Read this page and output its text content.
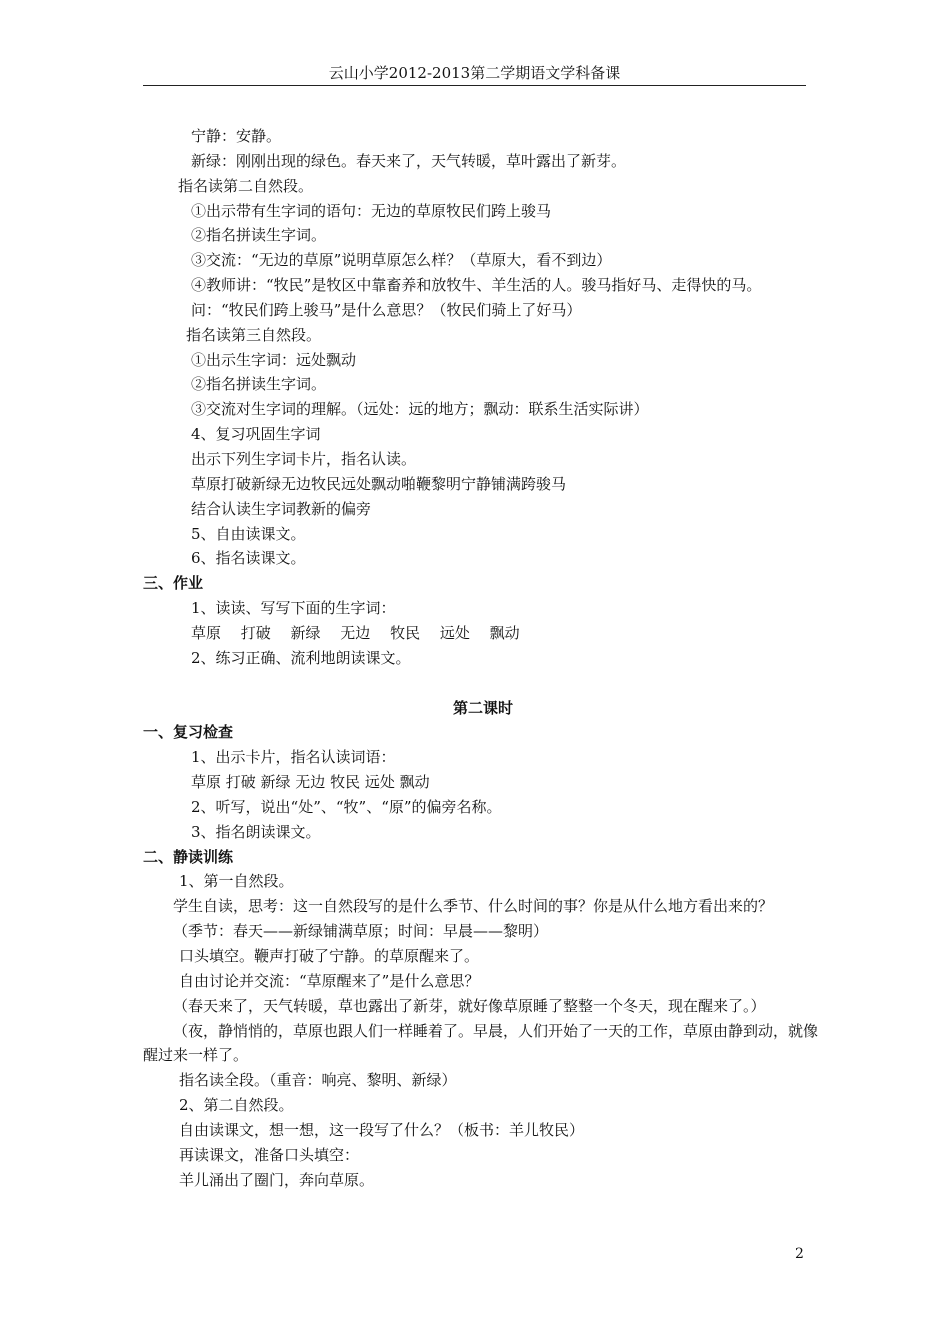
云山小学2012-2013第二学期语文学科备课
宁静：安静。
新绿：刚刚出现的绿色。春天来了，天气转暖，草叶露出了新芽。
指名读第二自然段。
①出示带有生字词的语句：无边的草原牧民们跨上骏马
②指名拼读生字词。
③交流：“无边的草原”说明草原怎么样？（草原大，看不到边）
④教师讲：“牧民”是牧区中靠畜养和放牧牛、羊生活的人。骏马指好马、走得快的马。
问：“牧民们跨上骏马”是什么意思？（牧民们骑上了好马）
指名读第三自然段。
①出示生字词：远处飘动
②指名拼读生字词。
③交流对生字词的理解。（远处：远的地方；飘动：联系生活实际讲）
4、复习巩固生字词
出示下列生字词卡片，指名认读。
草原打破新绿无边牧民远处飘动啪鞭黎明宁静铺满跨骏马
结合认读生字词教新的偏旁
5、自由读课文。
6、指名读课文。
三、作业
1、读读、写写下面的生字词：
草原　 打破　 新绿　 无边　 牧民　 远处　 飘动
2、练习正确、流利地朗读课文。
第二课时
一、复习检查
1、出示卡片，指名认读词语：
草原 打破 新绿 无边 牧民 远处 飘动
2、听写，说出“处”、“牧”、“原”的偏旁名称。
3、指名朗读课文。
二、静读训练
1、第一自然段。
学生自读，思考：这一自然段写的是什么季节、什么时间的事？你是从什么地方看出来的？
（季节：春天——新绿铺满草原；时间：早晨——黎明）
口头填空。鞭声打破了宁静。的草原醒来了。
自由讨论并交流：“草原醒来了”是什么意思？
（春天来了，天气转暖，草也露出了新芽，就好像草原睡了整整一个冬天，现在醒来了。）
（夜，静悄悄的，草原也跟人们一样睡着了。早晨，人们开始了一天的工作，草原由静到动，就像醒过来一样了。
指名读全段。（重音：响亮、黎明、新绿）
2、第二自然段。
自由读课文，想一想，这一段写了什么？（板书：羊儿牧民）
再读课文，准备口头填空：
羊儿涌出了圈门，奔向草原。
2
